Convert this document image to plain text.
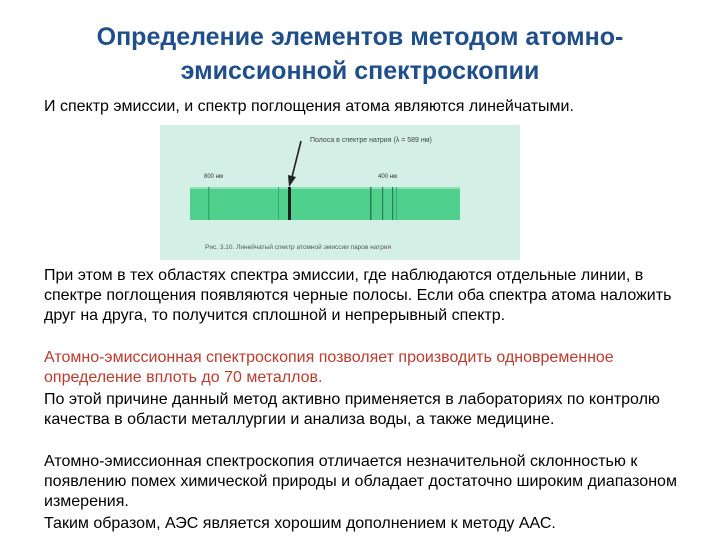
Определение элементов методом атомно-эмиссионной спектроскопии

И спектр эмиссии, и спектр поглощения атома являются линейчатыми.

Полоса в спектре натрия (λ = 589 нм)
800 нм	400 нм
Рис. 3.10. Линейчатый спектр атомной эмиссии паров натрия

При этом в тех областях спектра эмиссии, где наблюдаются отдельные линии, в спектре поглощения появляются черные полосы. Если оба спектра атома наложить друг на друга, то получится сплошной и непрерывный спектр.

Атомно-эмиссионная спектроскопия позволяет производить одновременное определение вплоть до 70 металлов.

По этой причине данный метод активно применяется в лабораториях по контролю качества в области металлургии и анализа воды, а также медицине.

Атомно-эмиссионная спектроскопия отличается незначительной склонностью к появлению помех химической природы и обладает достаточно широким диапазоном измерения.

Таким образом, АЭС является хорошим дополнением к методу ААС.
